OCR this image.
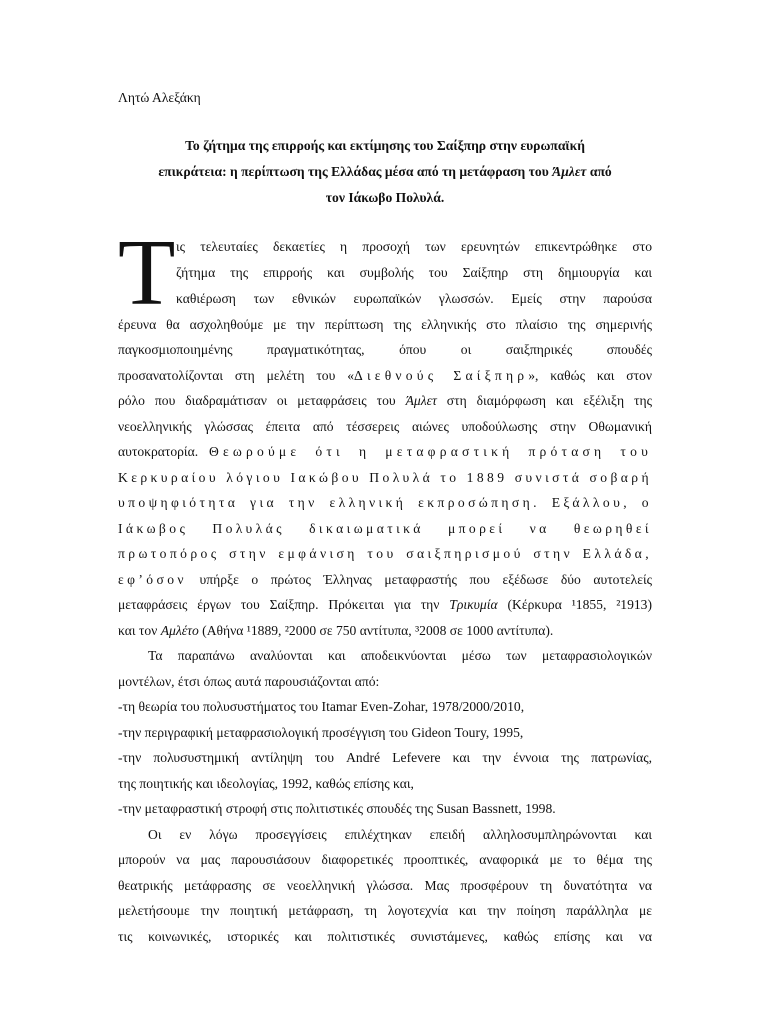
Λητώ Αλεξάκη
Το ζήτημα της επιρροής και εκτίμησης του Σαίξπηρ στην ευρωπαϊκή
επικράτεια: η περίπτωση της Ελλάδας μέσα από τη μετάφραση του Άμλετ από
τον Ιάκωβο Πολυλά.
Τ ις τελευταίες δεκαετίες η προσοχή των ερευνητών επικεντρώθηκε στο
ζήτημα της επιρροής και συμβολής του Σαίξπηρ στη δημιουργία και
καθιέρωση των εθνικών ευρωπαϊκών γλωσσών. Εμείς στην παρούσα
έρευνα θα ασχοληθούμε με την περίπτωση της ελληνικής στο πλαίσιο της σημερινής
παγκοσμιοποιημένης πραγματικότητας, όπου οι σαιξπηρικές σπουδές
προσανατολίζονται στη μελέτη του «Διεθνούς Σαίξπηρ», καθώς και στον
ρόλο που διαδραμάτισαν οι μεταφράσεις του Άμλετ στη διαμόρφωση και εξέλιξη της
νεοελληνικής γλώσσας έπειτα από τέσσερεις αιώνες υποδούλωσης στην Οθωμανική
αυτοκρατορία. Θεωρούμε ότι η μεταφραστική πρόταση του
Κερκυραίου λόγιου Ιακώβου Πολυλά το 1889 συνιστά σοβαρή
υποψηφιότητα για την ελληνική εκπροσώπηση. Εξάλλου, ο
Ιάκωβος Πολυλάς δικαιωματικά μπορεί να θεωρηθεί
πρωτοπόρος στην εμφάνιση του σαιξπηρισμού στην Ελλάδα,
εφ’όσον υπήρξε ο πρώτος Έλληνας μεταφραστής που εξέδωσε δύο αυτοτελείς
μεταφράσεις έργων του Σαίξπηρ. Πρόκειται για την Τρικυμία (Κέρκυρα ¹1855, ²1913)
και τον Αμλέτο (Αθήνα ¹1889, ²2000 σε 750 αντίτυπα, ³2008 σε 1000 αντίτυπα).
Τα παραπάνω αναλύονται και αποδεικνύονται μέσω των μεταφρασιολογικών
μοντέλων, έτσι όπως αυτά παρουσιάζονται από:
-τη θεωρία του πολυσυστήματος του Itamar Even-Zohar, 1978/2000/2010,
-την περιγραφική μεταφρασιολογική προσέγγιση του Gideon Toury, 1995,
-την πολυσυστημική αντίληψη του André Lefevere και την έννοια της πατρωνίας,
της ποιητικής και ιδεολογίας, 1992, καθώς επίσης και,
-την μεταφραστική στροφή στις πολιτιστικές σπουδές της Susan Bassnett, 1998.
Οι εν λόγω προσεγγίσεις επιλέχτηκαν επειδή αλληλοσυμπληρώνονται και
μπορούν να μας παρουσιάσουν διαφορετικές προοπτικές, αναφορικά με το θέμα της
θεατρικής μετάφρασης σε νεοελληνική γλώσσα. Μας προσφέρουν τη δυνατότητα να
μελετήσουμε την ποιητική μετάφραση, τη λογοτεχνία και την ποίηση παράλληλα με
τις κοινωνικές, ιστορικές και πολιτιστικές συνιστάμενες, καθώς επίσης και να
